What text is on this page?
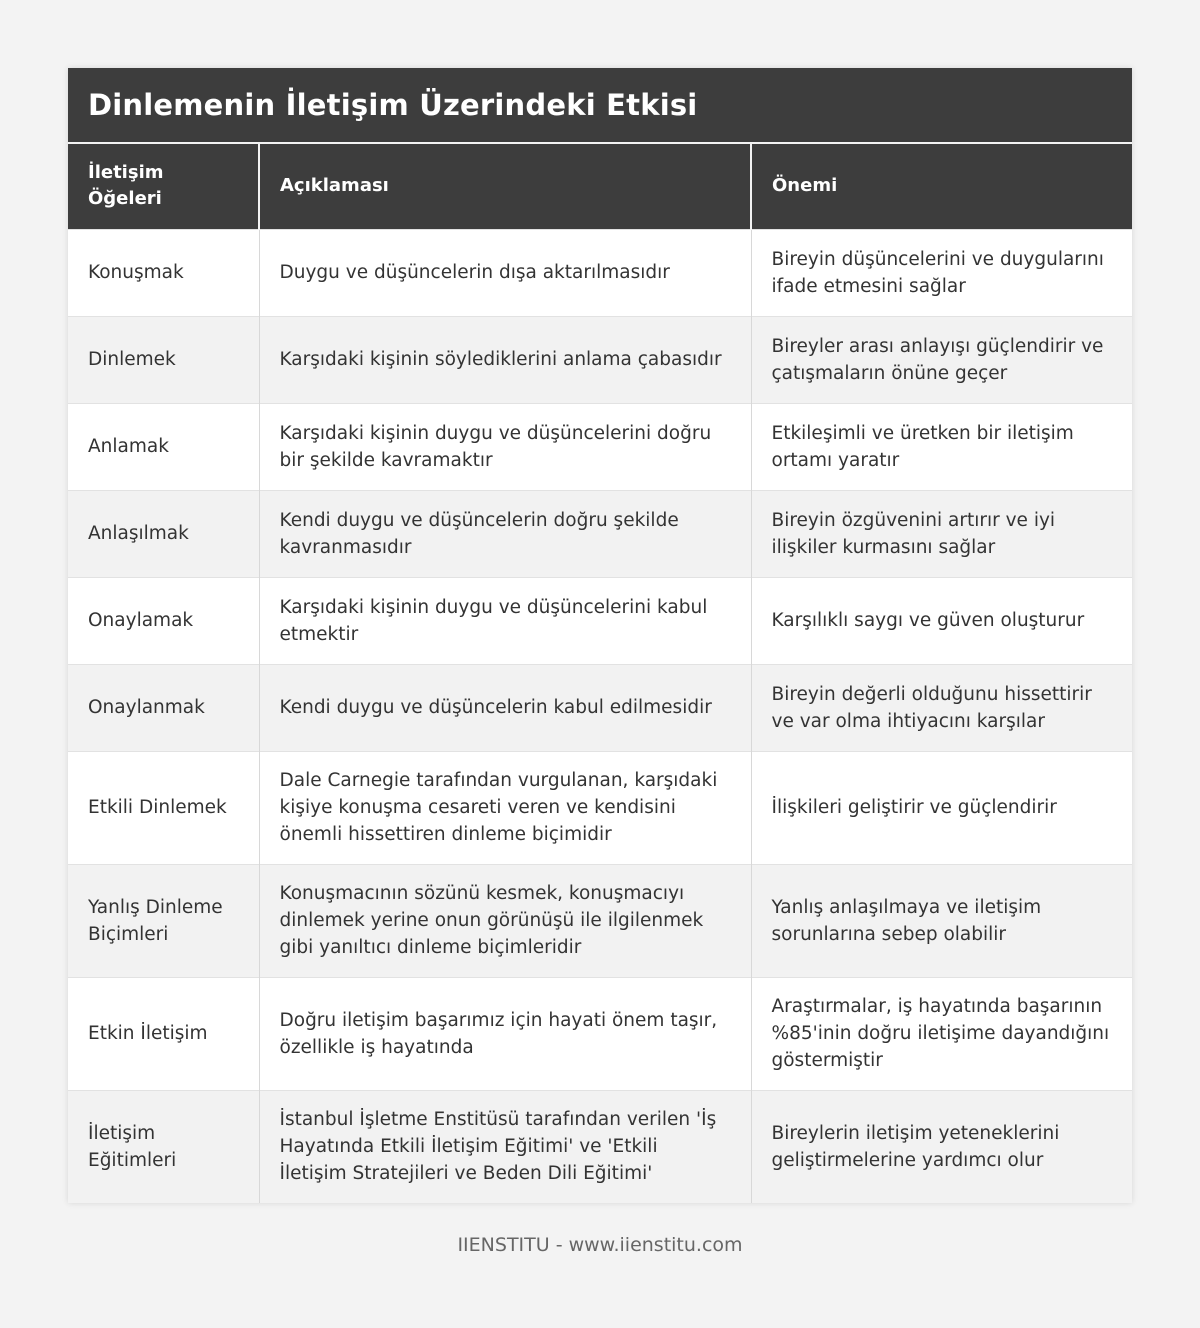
Dinlemenin İletişim Üzerindeki Etkisi
İletişim Öğeleri	Açıklaması	Önemi
Konuşmak	Duygu ve düşüncelerin dışa aktarılmasıdır	Bireyin düşüncelerini ve duygularını ifade etmesini sağlar
Dinlemek	Karşıdaki kişinin söylediklerini anlama çabasıdır	Bireyler arası anlayışı güçlendirir ve çatışmaların önüne geçer
Anlamak	Karşıdaki kişinin duygu ve düşüncelerini doğru bir şekilde kavramaktır	Etkileşimli ve üretken bir iletişim ortamı yaratır
Anlaşılmak	Kendi duygu ve düşüncelerin doğru şekilde kavranmasıdır	Bireyin özgüvenini artırır ve iyi ilişkiler kurmasını sağlar
Onaylamak	Karşıdaki kişinin duygu ve düşüncelerini kabul etmektir	Karşılıklı saygı ve güven oluşturur
Onaylanmak	Kendi duygu ve düşüncelerin kabul edilmesidir	Bireyin değerli olduğunu hissettirir ve var olma ihtiyacını karşılar
Etkili Dinlemek	Dale Carnegie tarafından vurgulanan, karşıdaki kişiye konuşma cesareti veren ve kendisini önemli hissettiren dinleme biçimidir	İlişkileri geliştirir ve güçlendirir
Yanlış Dinleme Biçimleri	Konuşmacının sözünü kesmek, konuşmacıyı dinlemek yerine onun görünüşü ile ilgilenmek gibi yanıltıcı dinleme biçimleridir	Yanlış anlaşılmaya ve iletişim sorunlarına sebep olabilir
Etkin İletişim	Doğru iletişim başarımız için hayati önem taşır, özellikle iş hayatında	Araştırmalar, iş hayatında başarının %85'inin doğru iletişime dayandığını göstermiştir
İletişim Eğitimleri	İstanbul İşletme Enstitüsü tarafından verilen 'İş Hayatında Etkili İletişim Eğitimi' ve 'Etkili İletişim Stratejileri ve Beden Dili Eğitimi'	Bireylerin iletişim yeteneklerini geliştirmelerine yardımcı olur
IIENSTITU - www.iienstitu.com
